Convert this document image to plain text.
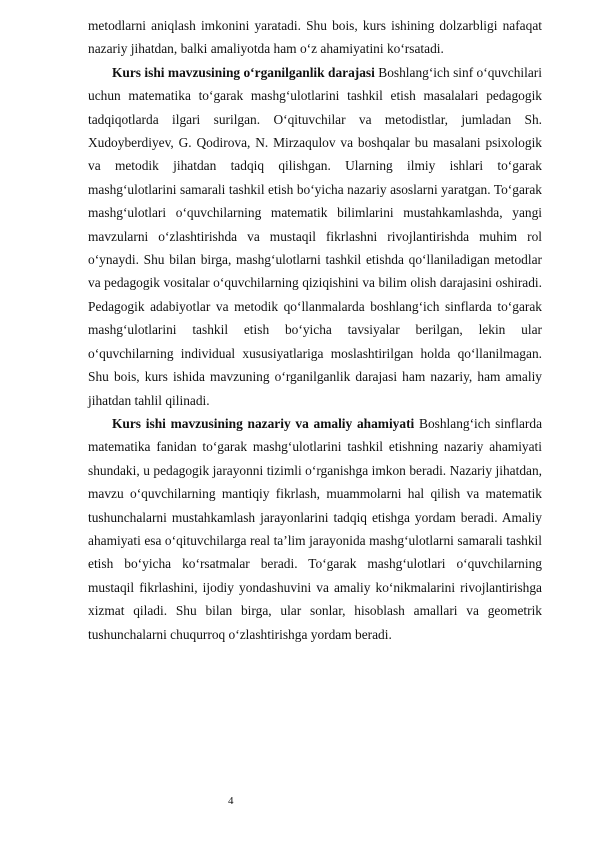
metodlarni aniqlash imkonini yaratadi. Shu bois, kurs ishining dolzarbligi nafaqat nazariy jihatdan, balki amaliyotda ham o‘z ahamiyatini ko‘rsatadi.

Kurs ishi mavzusining o‘rganilganlik darajasi Boshlang‘ich sinf o‘quvchilari uchun matematika to‘garak mashg‘ulotlarini tashkil etish masalalari pedagogik tadqiqotlarda ilgari surilgan. O‘qituvchilar va metodistlar, jumladan Sh. Xudoyberdiyev, G. Qodirova, N. Mirzaqulov va boshqalar bu masalani psixologik va metodik jihatdan tadqiq qilishgan. Ularning ilmiy ishlari to‘garak mashg‘ulotlarini samarali tashkil etish bo‘yicha nazariy asoslarni yaratgan. To‘garak mashg‘ulotlari o‘quvchilarning matematik bilimlarini mustahkamlashda, yangi mavzularni o‘zlashtirishda va mustaqil fikrlashni rivojlantirishda muhim rol o‘ynaydi. Shu bilan birga, mashg‘ulotlarni tashkil etishda qo‘llaniladigan metodlar va pedagogik vositalar o‘quvchilarning qiziqishini va bilim olish darajasini oshiradi. Pedagogik adabiyotlar va metodik qo‘llanmalarda boshlang‘ich sinflarda to‘garak mashg‘ulotlarini tashkil etish bo‘yicha tavsiyalar berilgan, lekin ular o‘quvchilarning individual xususiyatlariga moslashtirilgan holda qo‘llanilmagan. Shu bois, kurs ishida mavzuning o‘rganilganlik darajasi ham nazariy, ham amaliy jihatdan tahlil qilinadi.

Kurs ishi mavzusining nazariy va amaliy ahamiyati Boshlang‘ich sinflarda matematika fanidan to‘garak mashg‘ulotlarini tashkil etishning nazariy ahamiyati shundaki, u pedagogik jarayonni tizimli o‘rganishga imkon beradi. Nazariy jihatdan, mavzu o‘quvchilarning mantiqiy fikrlash, muammolarni hal qilish va matematik tushunchalarni mustahkamlash jarayonlarini tadqiq etishga yordam beradi. Amaliy ahamiyati esa o‘qituvchilarga real ta’lim jarayonida mashg‘ulotlarni samarali tashkil etish bo‘yicha ko‘rsatmalar beradi. To‘garak mashg‘ulotlari o‘quvchilarning mustaqil fikrlashini, ijodiy yondashuvini va amaliy ko‘nikmalarini rivojlantirishga xizmat qiladi. Shu bilan birga, ular sonlar, hisoblash amallari va geometrik tushunchalarni chuqurroq o‘zlashtirishga yordam beradi.

4
